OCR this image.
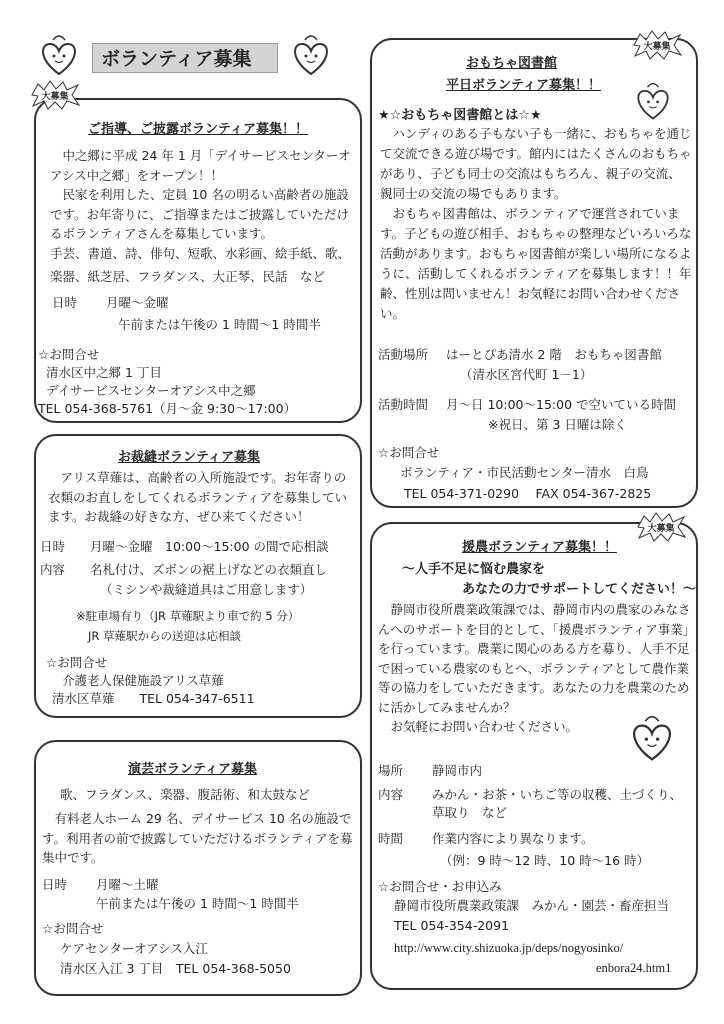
ボランティア募集
大募集
ご指導、ご披露ボランティア募集！！
　中之郷に平成 24 年 1 月「デイサービスセンターオアシス中之郷」をオープン！！
　民家を利用した、定員 10 名の明るい高齢者の施設です。お年寄りに、ご指導またはご披露していただけるボランティアさんを募集しています。
手芸、書道、詩、俳句、短歌、水彩画、絵手紙、歌、
楽器、紙芝居、フラダンス、大正琴、民話　など
日時 月曜～金曜
午前または午後の 1 時間～1 時間半
☆お問合せ
清水区中之郷 1 丁目
デイサービスセンターオアシス中之郷
TEL 054-368-5761（月～金 9:30～17:00）
お裁縫ボランティア募集
　アリス草薙は、高齢者の入所施設です。お年寄りの衣類のお直しをしてくれるボランティアを募集しています。お裁縫の好きな方、ぜひ来てください！
日時 月曜～金曜　10:00～15:00 の間で応相談
内容 名札付け、ズボンの裾上げなどの衣類直し
（ミシンや裁縫道具はご用意します）
※駐車場有り（JR 草薙駅より車で約 5 分）
JR 草薙駅からの送迎は応相談
☆お問合せ
介護老人保健施設アリス草薙
清水区草薙　　TEL 054-347-6511
演芸ボランティア募集
歌、フラダンス、楽器、腹話術、和太鼓など
　有料老人ホーム 29 名、デイサービス 10 名の施設です。利用者の前で披露していただけるボランティアを募集中です。
日時 月曜～土曜
午前または午後の 1 時間～1 時間半
☆お問合せ
ケアセンターオアシス入江
清水区入江 3 丁目　TEL 054-368-5050
大募集
おもちゃ図書館
平日ボランティア募集！！
★☆おもちゃ図書館とは☆★
　ハンディのある子もない子も一緒に、おもちゃを通じて交流できる遊び場です。館内にはたくさんのおもちゃがあり、子ども同士の交流はもちろん、親子の交流、親同士の交流の場でもあります。
　おもちゃ図書館は、ボランティアで運営されています。子どもの遊び相手、おもちゃの整理などいろいろな活動があります。おもちゃ図書館が楽しい場所になるように、活動してくれるボランティアを募集します！！年齢、性別は問いません！お気軽にお問い合わせください。
活動場所 はーとぴあ清水 2 階　おもちゃ図書館
（清水区宮代町 1－1）
活動時間 月～日 10:00～15:00 で空いている時間
※祝日、第 3 日曜は除く
☆お問合せ
ボランティア・市民活動センター清水　白鳥
TEL 054-371-0290　 FAX 054-367-2825
大募集
援農ボランティア募集！！
～人手不足に悩む農家を
あなたの力でサポートしてください！～
　静岡市役所農業政策課では、静岡市内の農家のみなさんへのサポートを目的として、「援農ボランティア事業」を行っています。農業に関心のある方を募り、人手不足で困っている農家のもとへ、ボランティアとして農作業等の協力をしていただきます。あなたの力を農業のために活かしてみませんか？
　お気軽にお問い合わせください。
場所 静岡市内
内容 みかん・お茶・いちご等の収穫、土づくり、
草取り　など
時間 作業内容により異なります。
（例：9 時～12 時、10 時～16 時）
☆お問合せ・お申込み
静岡市役所農業政策課　みかん・園芸・畜産担当
TEL 054-354-2091
http://www.city.shizuoka.jp/deps/nogyosinko/
enbora24.htm1
